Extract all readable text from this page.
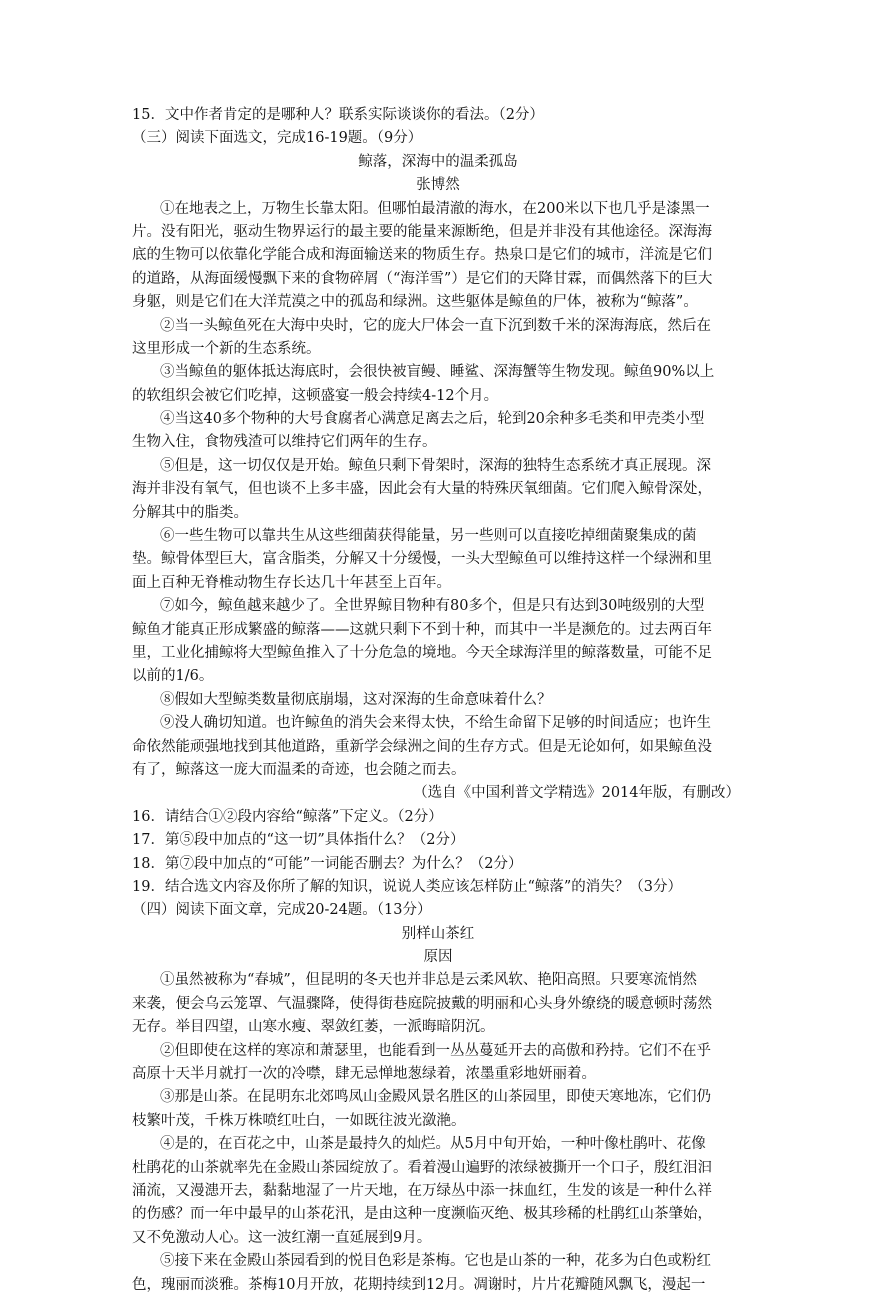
15．文中作者肯定的是哪种人？联系实际谈谈你的看法。（2分）
（三）阅读下面选文，完成16-19题。（9分）
鲸落，深海中的温柔孤岛
张博然
①在地表之上，万物生长靠太阳。但哪怕最清澈的海水，在200米以下也几乎是漆黑一
片。没有阳光，驱动生物界运行的最主要的能量来源断绝，但是并非没有其他途径。深海海
底的生物可以依靠化学能合成和海面输送来的物质生存。热泉口是它们的城市，洋流是它们
的道路，从海面缓慢飘下来的食物碎屑（“海洋雪”）是它们的天降甘霖，而偶然落下的巨大
身躯，则是它们在大洋荒漠之中的孤岛和绿洲。这些躯体是鲸鱼的尸体，被称为“鲸落”。
②当一头鲸鱼死在大海中央时，它的庞大尸体会一直下沉到数千米的深海海底，然后在
这里形成一个新的生态系统。
③当鲸鱼的躯体抵达海底时，会很快被盲鳗、睡鲨、深海蟹等生物发现。鲸鱼90%以上
的软组织会被它们吃掉，这顿盛宴一般会持续4-12个月。
④当这40多个物种的大号食腐者心满意足离去之后，轮到20余种多毛类和甲壳类小型
生物入住，食物残渣可以维持它们两年的生存。
⑤但是，这一切仅仅是开始。鲸鱼只剩下骨架时，深海的独特生态系统才真正展现。深
海并非没有氧气，但也谈不上多丰盛，因此会有大量的特殊厌氧细菌。它们爬入鲸骨深处，
分解其中的脂类。
⑥一些生物可以靠共生从这些细菌获得能量，另一些则可以直接吃掉细菌聚集成的菌
垫。鲸骨体型巨大，富含脂类，分解又十分缓慢，一头大型鲸鱼可以维持这样一个绿洲和里
面上百种无脊椎动物生存长达几十年甚至上百年。
⑦如今，鲸鱼越来越少了。全世界鲸目物种有80多个，但是只有达到30吨级别的大型
鲸鱼才能真正形成繁盛的鲸落——这就只剩下不到十种，而其中一半是濒危的。过去两百年
里，工业化捕鲸将大型鲸鱼推入了十分危急的境地。今天全球海洋里的鲸落数量，可能不足
以前的1/6。
⑧假如大型鲸类数量彻底崩塌，这对深海的生命意味着什么？
⑨没人确切知道。也许鲸鱼的消失会来得太快，不给生命留下足够的时间适应；也许生
命依然能顽强地找到其他道路，重新学会绿洲之间的生存方式。但是无论如何，如果鲸鱼没
有了，鲸落这一庞大而温柔的奇迹，也会随之而去。
（选自《中国利普文学精选》2014年版，有删改）
16．请结合①②段内容给“鲸落”下定义。（2分）
17．第⑤段中加点的“这一切”具体指什么？（2分）
18．第⑦段中加点的“可能”一词能否删去？为什么？（2分）
19．结合选文内容及你所了解的知识，说说人类应该怎样防止“鲸落”的消失？（3分）
（四）阅读下面文章，完成20-24题。（13分）
别样山茶红
原因
①虽然被称为“春城”，但昆明的冬天也并非总是云柔风软、艳阳高照。只要寒流悄然
来袭，便会乌云笼罩、气温骤降，使得街巷庭院披戴的明丽和心头身外缭绕的暖意顿时荡然
无存。举目四望，山寒水瘦、翠敛红萎，一派晦暗阴沉。
②但即使在这样的寒凉和萧瑟里，也能看到一丛丛蔓延开去的高傲和矜持。它们不在乎
高原十天半月就打一次的冷噤，肆无忌惮地葱绿着，浓墨重彩地妍丽着。
③那是山茶。在昆明东北郊鸣凤山金殿风景名胜区的山茶园里，即使天寒地冻，它们仍
枝繁叶茂，千株万株喷红吐白，一如既往波光潋滟。
④是的，在百花之中，山茶是最持久的灿烂。从5月中旬开始，一种叶像杜鹃叶、花像
杜鹃花的山茶就率先在金殿山茶园绽放了。看着漫山遍野的浓绿被撕开一个口子，殷红泪汩
涌流，又漫漶开去，黏黏地湿了一片天地，在万绿丛中添一抹血红，生发的该是一种什么祥
的伤感？而一年中最早的山茶花汛，是由这种一度濒临灭绝、极其珍稀的杜鹃红山茶肇始，
又不免激动人心。这一波红潮一直延展到9月。
⑤接下来在金殿山茶园看到的悦目色彩是茶梅。它也是山茶的一种，花多为白色或粉红
色，瑰丽而淡雅。茶梅10月开放，花期持续到12月。凋谢时，片片花瓣随风飘飞，漫起一
